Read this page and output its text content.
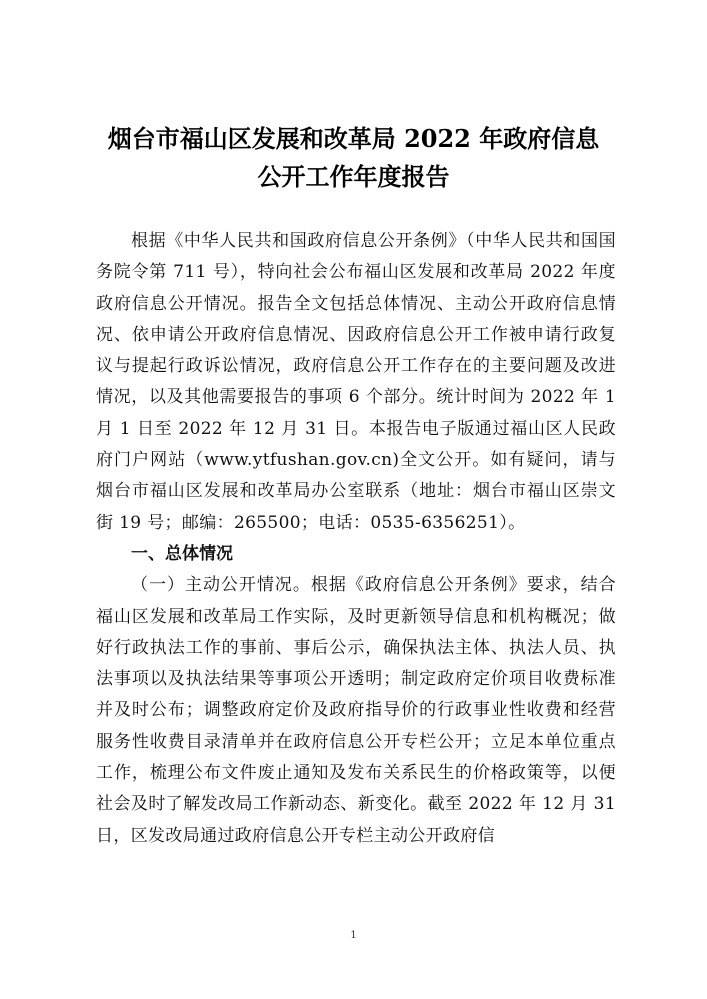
烟台市福山区发展和改革局 2022 年政府信息
公开工作年度报告

根据《中华人民共和国政府信息公开条例》（中华人民共和国国务院令第 711 号），特向社会公布福山区发展和改革局 2022 年度政府信息公开情况。报告全文包括总体情况、主动公开政府信息情况、依申请公开政府信息情况、因政府信息公开工作被申请行政复议与提起行政诉讼情况，政府信息公开工作存在的主要问题及改进情况，以及其他需要报告的事项 6 个部分。统计时间为 2022 年 1 月 1 日至 2022 年 12 月 31 日。本报告电子版通过福山区人民政府门户网站（www.ytfushan.gov.cn)全文公开。如有疑问，请与烟台市福山区发展和改革局办公室联系（地址：烟台市福山区崇文街 19 号；邮编：265500；电话：0535-6356251）。

一、总体情况

（一）主动公开情况。根据《政府信息公开条例》要求，结合福山区发展和改革局工作实际，及时更新领导信息和机构概况；做好行政执法工作的事前、事后公示，确保执法主体、执法人员、执法事项以及执法结果等事项公开透明；制定政府定价项目收费标准并及时公布；调整政府定价及政府指导价的行政事业性收费和经营服务性收费目录清单并在政府信息公开专栏公开；立足本单位重点工作，梳理公布文件废止通知及发布关系民生的价格政策等，以便社会及时了解发改局工作新动态、新变化。截至 2022 年 12 月 31 日，区发改局通过政府信息公开专栏主动公开政府信

1
